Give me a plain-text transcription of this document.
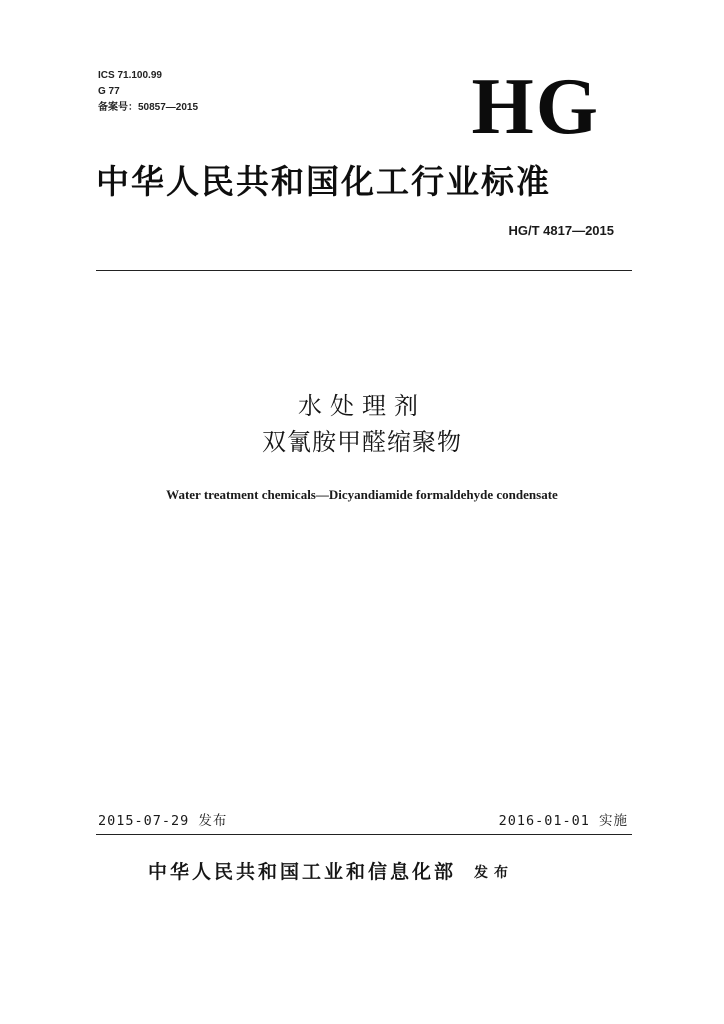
ICS 71.100.99
G 77
备案号：50857—2015	HG
中华人民共和国化工行业标准
HG/T 4817—2015
水处理剂
双氰胺甲醛缩聚物
Water treatment chemicals—Dicyandiamide formaldehyde condensate
2015-07-29 发布	2016-01-01 实施
中华人民共和国工业和信息化部 发布
